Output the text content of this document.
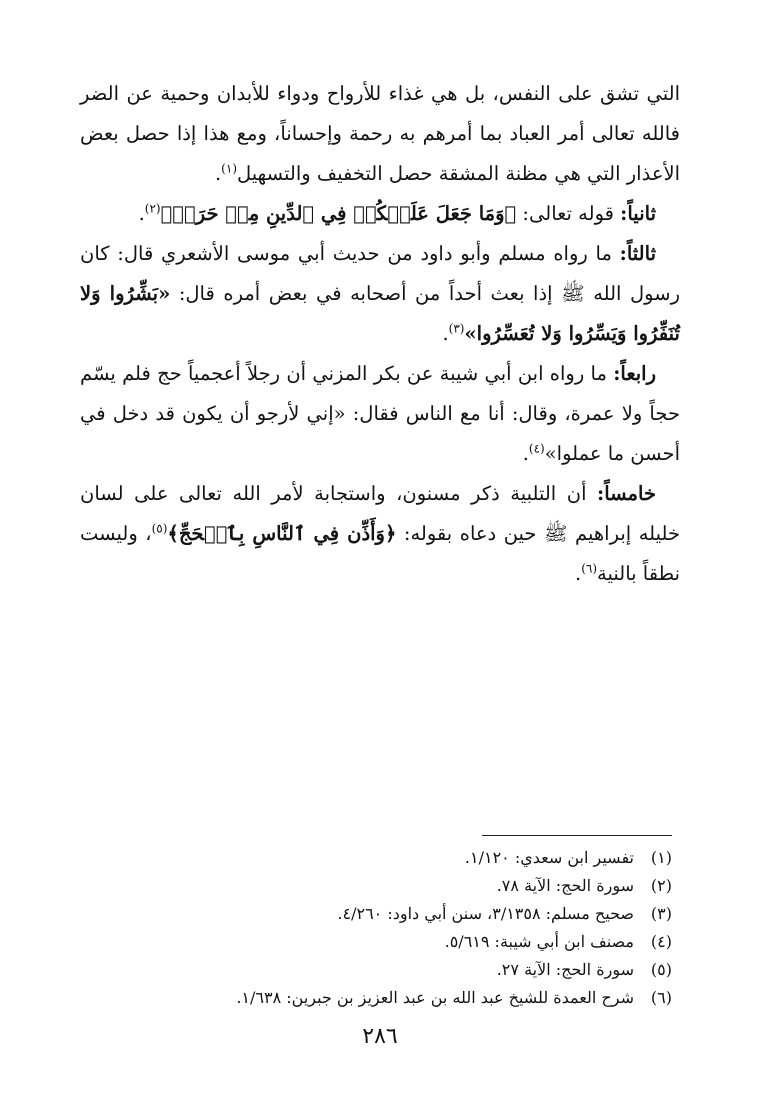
التي تشق على النفس، بل هي غذاء للأرواح ودواء للأبدان وحمية عن الضر فالله تعالى أمر العباد بما أمرهم به رحمة وإحساناً، ومع هذا إذا حصل بعض الأعذار التي هي مظنة المشقة حصل التخفيف والتسهيل$^{(١)}$.

ثانياً: قوله تعالى: ﴿وَمَا جَعَلَ عَلَيۡكُمۡ فِي ٱلدِّينِ مِنۡ حَرَجٖ﴾$^{(٢)}$.

ثالثاً: ما رواه مسلم وأبو داود من حديث أبي موسى الأشعري قال: كان رسول الله ﷺ إذا بعث أحداً من أصحابه في بعض أمره قال: «بَشِّرُوا وَلا تُنَفِّرُوا وَيَسِّرُوا وَلا تُعَسِّرُوا»$^{(٣)}$.

رابعاً: ما رواه ابن أبي شيبة عن بكر المزني أن رجلاً أعجمياً حج فلم يسّم حجاً ولا عمرة، وقال: أنا مع الناس فقال: «إني لأرجو أن يكون قد دخل في أحسن ما عملوا»$^{(٤)}$.

خامساً: أن التلبية ذكر مسنون، واستجابة لأمر الله تعالى على لسان خليله إبراهيم ﷺ حين دعاه بقوله: ﴿وَأَذِّن فِي ٱلنَّاسِ بِٱلۡحَجِّ﴾$^{(٥)}$، وليست نطقاً بالنية$^{(٦)}$.

(١)
تفسير ابن سعدي: ١/١٢٠.
(٢)
سورة الحج: الآية ٧٨.
(٣)
صحيح مسلم: ٣/١٣٥٨، سنن أبي داود: ٤/٢٦٠.
(٤)
مصنف ابن أبي شيبة: ٥/٦١٩.
(٥)
سورة الحج: الآية ٢٧.
(٦)
شرح العمدة للشيخ عبد الله بن عبد العزيز بن جبرين: ١/٦٣٨.
٢٨٦
